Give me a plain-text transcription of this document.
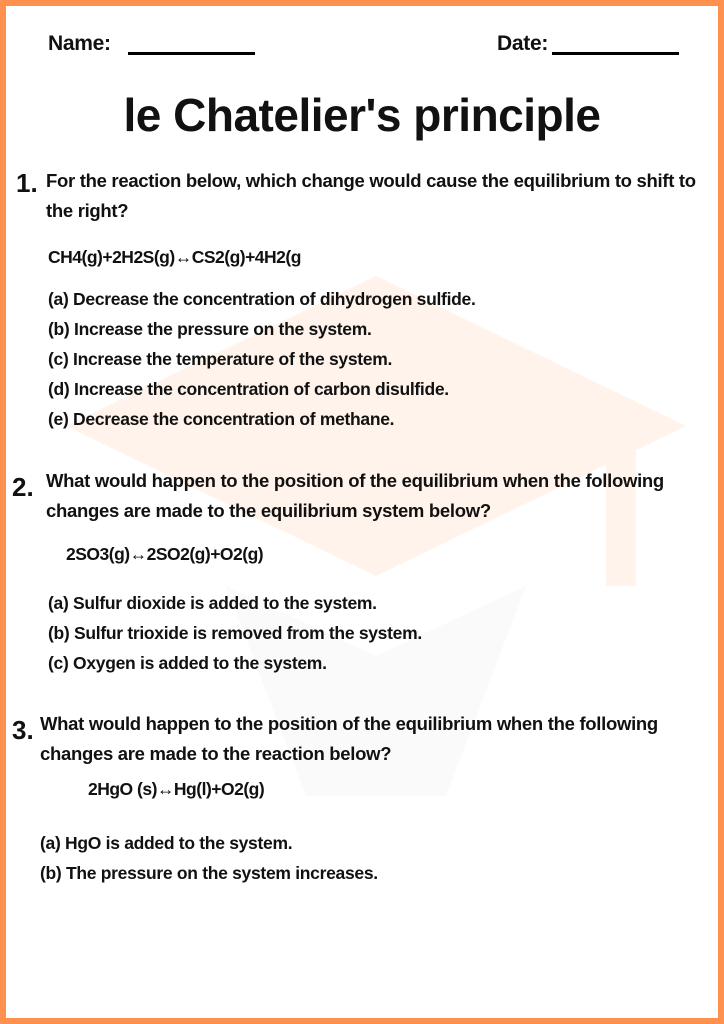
Name:	Date:
le Chatelier's principle
1. For the reaction below, which change would cause the equilibrium to shift to the right?
CH4(g)+2H2S(g)↔CS2(g)+4H2(g
(a) Decrease the concentration of dihydrogen sulfide.
(b) Increase the pressure on the system.
(c) Increase the temperature of the system.
(d) Increase the concentration of carbon disulfide.
(e) Decrease the concentration of methane.
2. What would happen to the position of the equilibrium when the following changes are made to the equilibrium system below?
2SO3(g)↔2SO2(g)+O2(g)
(a) Sulfur dioxide is added to the system.
(b) Sulfur trioxide is removed from the system.
(c) Oxygen is added to the system.
3. What would happen to the position of the equilibrium when the following changes are made to the reaction below?
2HgO (s)↔Hg(l)+O2(g)
(a) HgO is added to the system.
(b) The pressure on the system increases.
